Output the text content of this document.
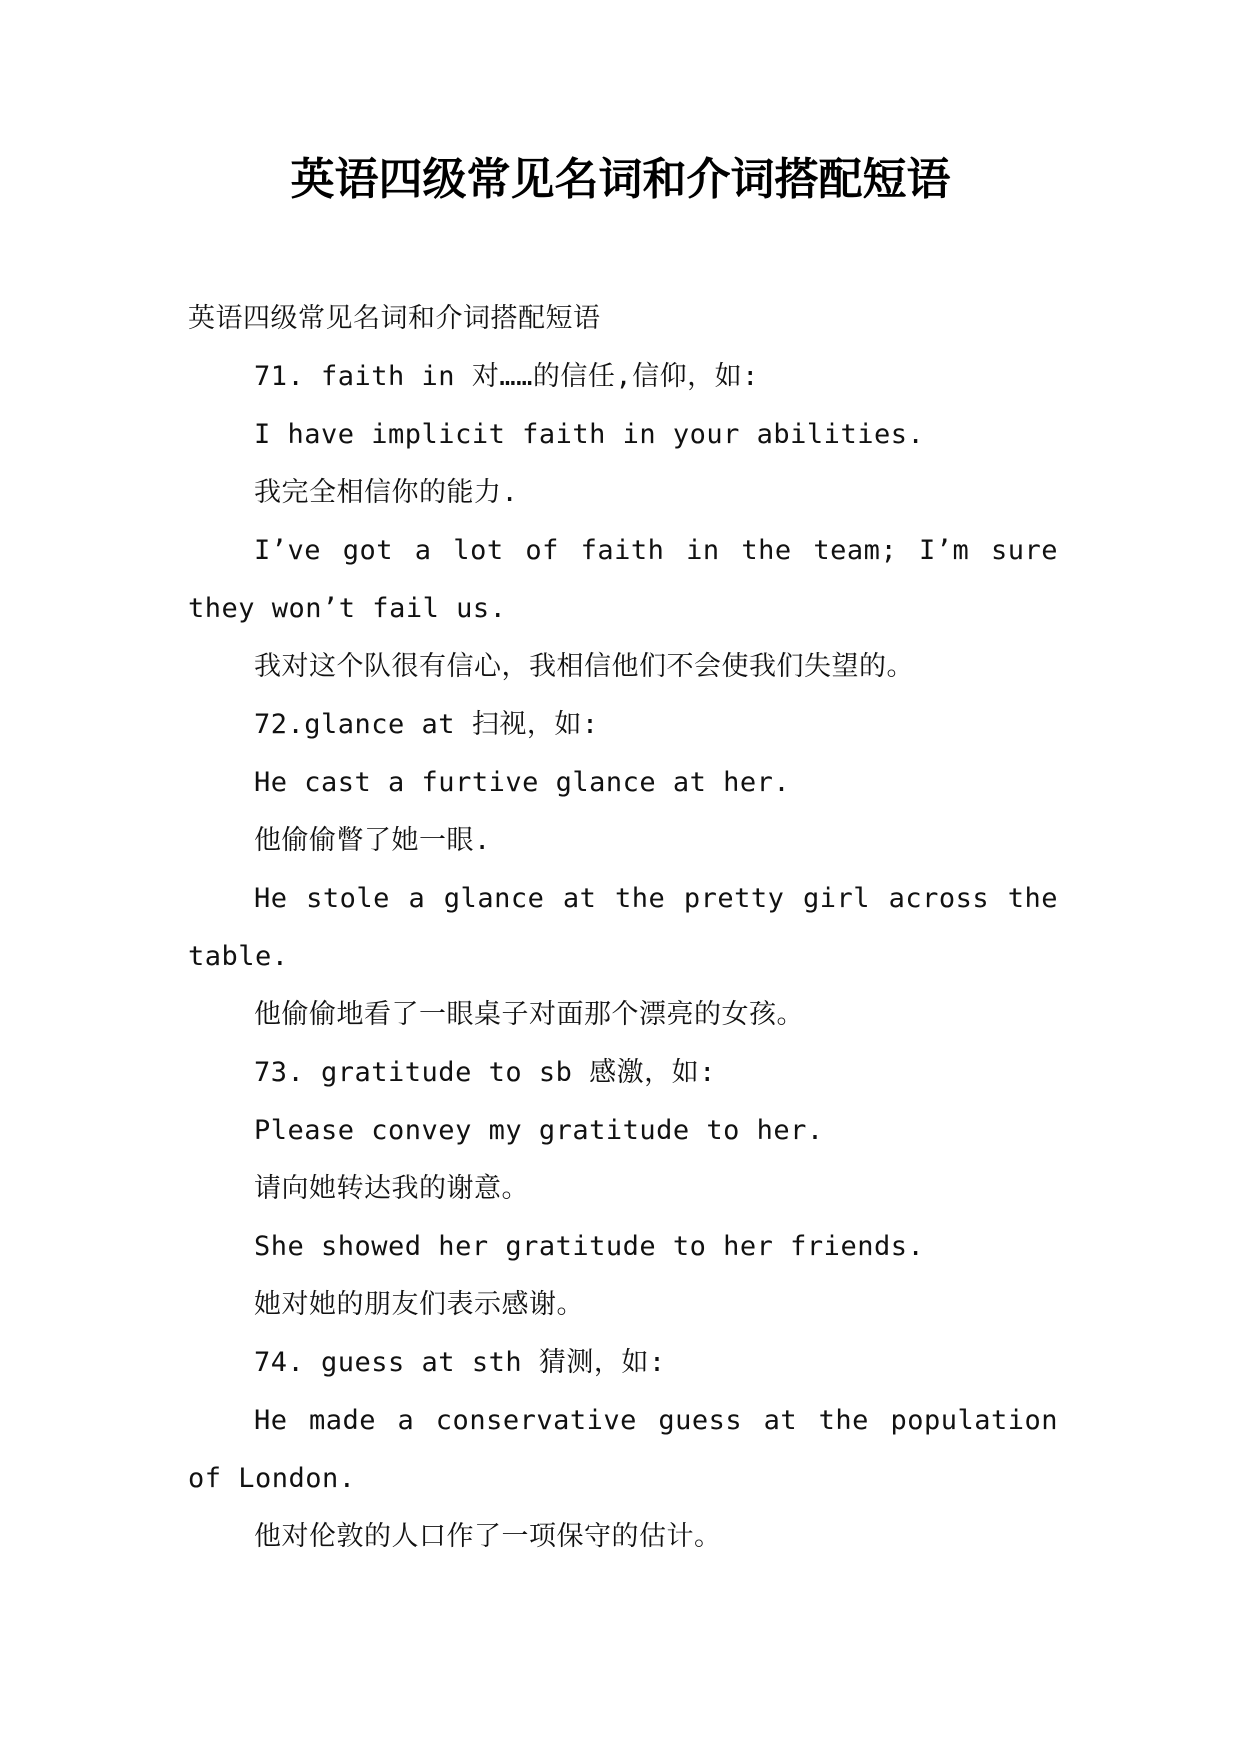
英语四级常见名词和介词搭配短语

英语四级常见名词和介词搭配短语

71. faith in 对……的信任,信仰，如:

I have implicit faith in your abilities.

我完全相信你的能力.

I’ve got a lot of faith in the team; I’m sure they won’t fail us.

我对这个队很有信心，我相信他们不会使我们失望的。

72.glance at 扫视，如:

He cast a furtive glance at her.

他偷偷瞥了她一眼.

He stole a glance at the pretty girl across the table.

他偷偷地看了一眼桌子对面那个漂亮的女孩。

73. gratitude to sb 感激，如:

Please convey my gratitude to her.

请向她转达我的谢意。

She showed her gratitude to her friends.

她对她的朋友们表示感谢。

74. guess at sth 猜测，如:

He made a conservative guess at the population of London.

他对伦敦的人口作了一项保守的估计。
